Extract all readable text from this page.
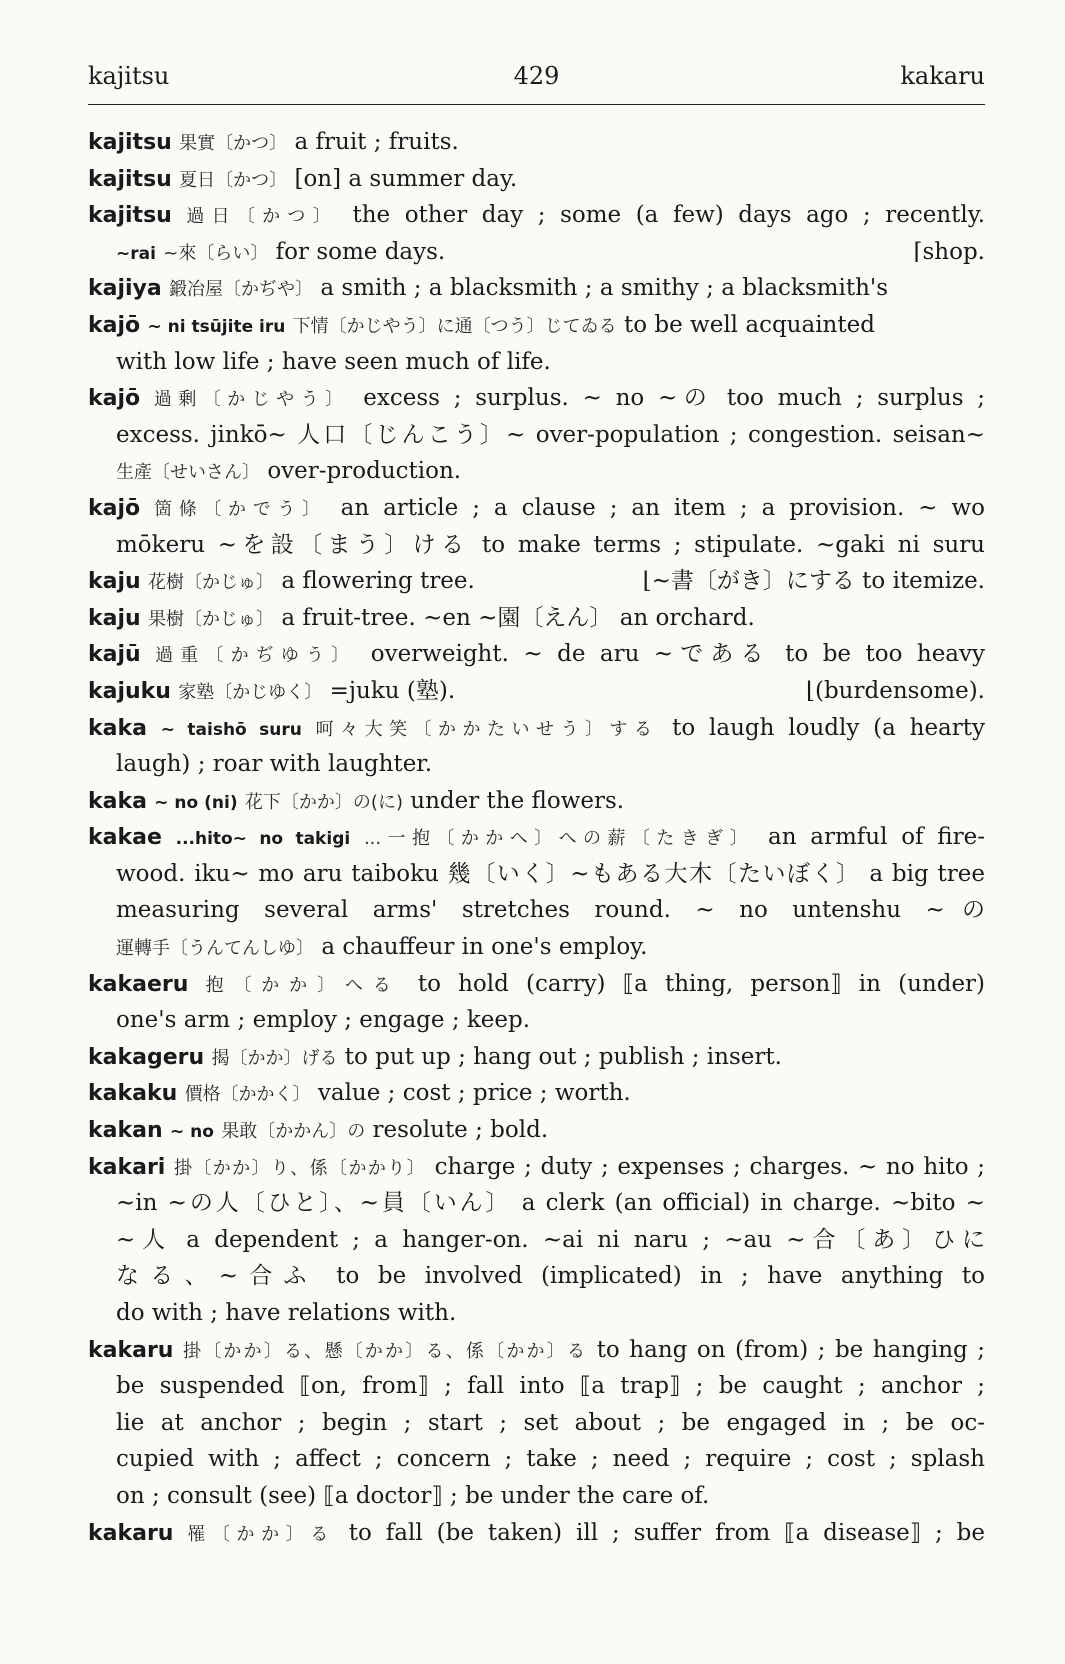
kajitsu	429	kakaru
kajitsu 果實〔かつ〕 a fruit ; fruits.
kajitsu 夏日〔かつ〕 [on] a summer day.
kajitsu 過日〔かつ〕 the other day ; some (a few) days ago ; recently.
~rai ~來〔らい〕 for some days.	⌈shop.
kajiya 鍛冶屋〔かぢや〕 a smith ; a blacksmith ; a smithy ; a blacksmith's
kajō ~ ni tsūjite iru 下情〔かじやう〕に通〔つう〕じてゐる to be well acquainted
with low life ; have seen much of life.
kajō 過剰〔かじやう〕 excess ; surplus. ~ no ~の too much ; surplus ;
excess. jinkō~ 人口〔じんこう〕~ over-population ; congestion. seisan~
生產〔せいさん〕 over-production.
kajō 箇條〔かでう〕 an article ; a clause ; an item ; a provision. ~ wo
mōkeru ~を設〔まう〕ける to make terms ; stipulate. ~gaki ni suru
kaju 花樹〔かじゅ〕 a flowering tree.	⌊~書〔がき〕にする to itemize.
kaju 果樹〔かじゅ〕 a fruit-tree. ~en ~園〔えん〕 an orchard.
kajū 過重〔かぢゆう〕 overweight. ~ de aru ~である to be too heavy
kajuku 家塾〔かじゆく〕 =juku (塾).	⌊(burdensome).
kaka ~ taishō suru 呵々大笑〔かかたいせう〕する to laugh loudly (a hearty
laugh) ; roar with laughter.
kaka ~ no (ni) 花下〔かか〕の(に) under the flowers.
kakae ...hito~ no takigi ...一抱〔かかへ〕への薪〔たきぎ〕 an armful of fire-
wood. iku~ mo aru taiboku 幾〔いく〕~もある大木〔たいぼく〕 a big tree
measuring several arms' stretches round. ~ no untenshu ~の
運轉手〔うんてんしゆ〕 a chauffeur in one's employ.
kakaeru 抱〔かか〕へる to hold (carry) ⟦a thing, person⟧ in (under)
one's arm ; employ ; engage ; keep.
kakageru 揭〔かか〕げる to put up ; hang out ; publish ; insert.
kakaku 價格〔かかく〕 value ; cost ; price ; worth.
kakan ~ no 果敢〔かかん〕の resolute ; bold.
kakari 掛〔かか〕り、係〔かかり〕 charge ; duty ; expenses ; charges. ~ no hito ;
~in ~の人〔ひと〕、~員〔いん〕 a clerk (an official) in charge. ~bito ~
~人 a dependent ; a hanger-on. ~ai ni naru ; ~au ~合〔あ〕ひに
なる、~合ふ to be involved (implicated) in ; have anything to
do with ; have relations with.
kakaru 掛〔かか〕る、懸〔かか〕る、係〔かか〕る to hang on (from) ; be hanging ;
be suspended ⟦on, from⟧ ; fall into ⟦a trap⟧ ; be caught ; anchor ;
lie at anchor ; begin ; start ; set about ; be engaged in ; be oc-
cupied with ; affect ; concern ; take ; need ; require ; cost ; splash
on ; consult (see) ⟦a doctor⟧ ; be under the care of.
kakaru 罹〔かか〕る to fall (be taken) ill ; suffer from ⟦a disease⟧ ; be
